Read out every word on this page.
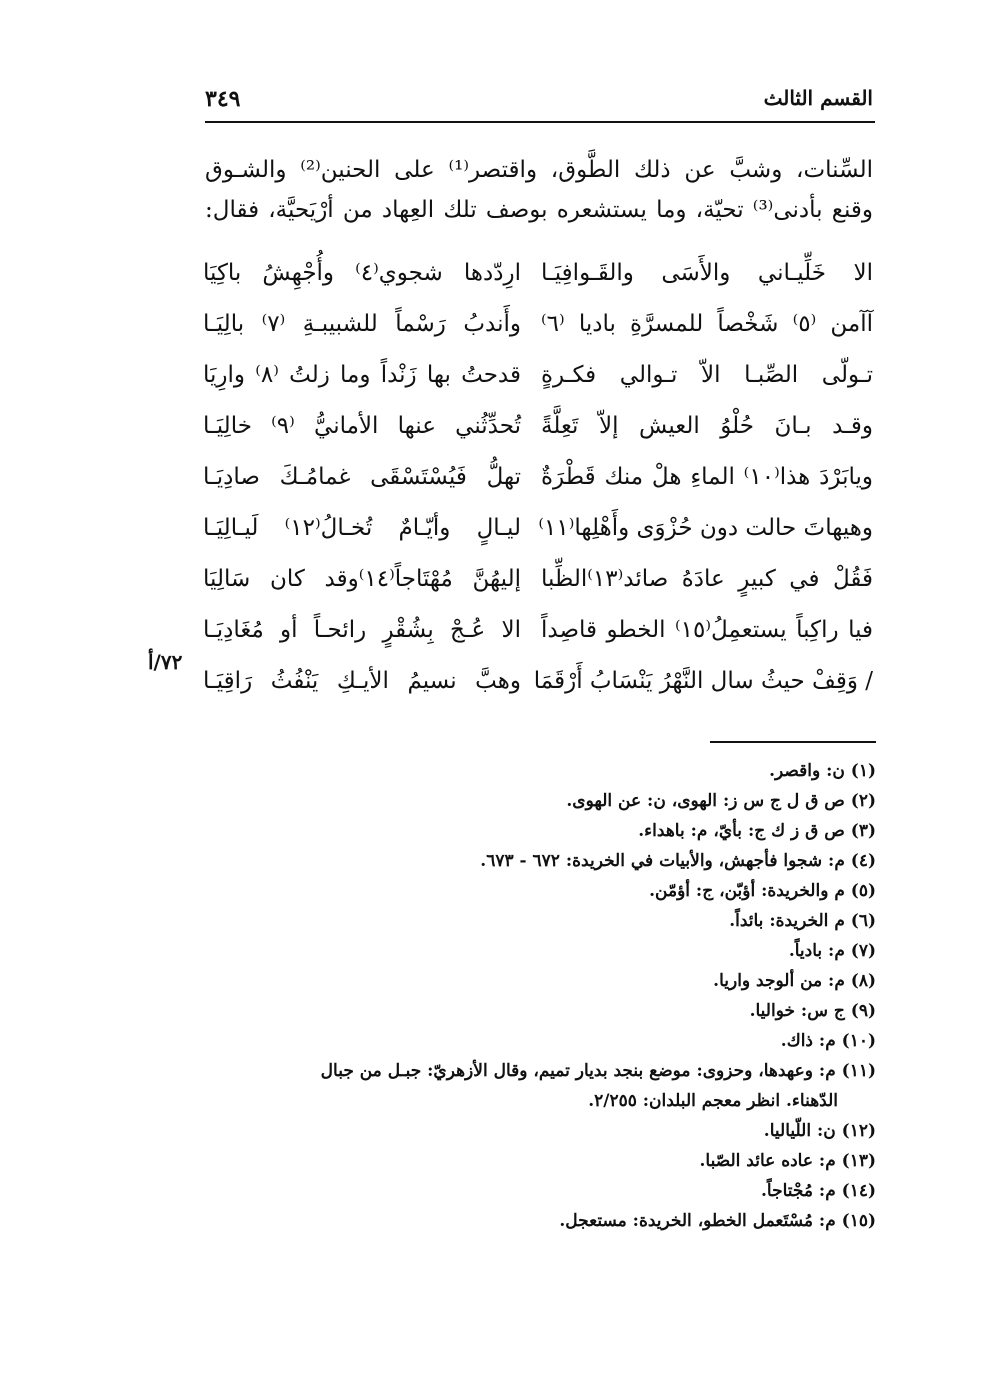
القسم الثالث
٣٤٩
السِّنات، وشبَّ عن ذلك الطَّوق، واقتصر⁽¹⁾ على الحنين⁽²⁾ والشـوق
وقنع بأدنى⁽³⁾ تحيّة، وما يستشعره بوصف تلك العِهاد من أرْيَحيَّة، فقال:
الا خَلِّيـاني والأَسَى والقَـوافِيَـا
ارِدّدها شجوي⁽٤⁾ وأُجْهِشُ باكِيَا
آآمن ⁽٥⁾ شَخْصاً للمسرَّةِ باديا ⁽٦⁾
وأَندبُ رَسْماً للشبيبـةِ ⁽٧⁾ بالِيَـا
تـولّى الصِّبـا الاّ تـوالي فكـرةٍ
قدحتُ بها زَنْداً وما زلتُ ⁽٨⁾ وارِيَا
وقـد بـانَ حُلْوُ العيش إلاّ تَعِلَّةً
تُحدِّثُني عنها الأمانيُّ ⁽٩⁾ خالِيَـا
ويابَرْدَ هذا⁽١٠⁾ الماءِ هلْ منك قَطْرَةٌ
تهلُّ فَيُسْتَسْقَى غمامُـكَ صادِيَـا
وهيهاتَ حالت دون حُزْوَى وأَهْلِها⁽١١⁾
ليـالٍ وأيّـامٌ تُخـالُ⁽١٢⁾ لَيـالِيَـا
فَقُلْ في كبيرٍ عادَهُ صائد⁽١٣⁾الظِّبا
إليهُنَّ مُهْتَاجاً⁽١٤⁾وقد كان سَالِيَا
فيا راكِباً يستعمِلُ⁽١٥⁾ الخطو قاصِداً
الا عُـجْ بِشُقْرٍ رائحـاً أو مُغَادِيَـا
/ وَقِفْ حيثُ سال النَّهْرُ يَنْسَابُ أَرْقَمَا
وهبَّ نسيمُ الأيـكِ يَنْفُثُ رَاقِيَـا
٧٢/أ
(١) ن: واقصر.
(٢) ص ق ل ج س ز: الهوى، ن: عن الهوى.
(٣) ص ق ز ك ج: بأيّ، م: باهداء.
(٤) م: شجوا فأجهش، والأبيات في الخريدة: ٦٧٢ - ٦٧٣.
(٥) م والخريدة: أؤبّن، ج: أؤمّن.
(٦) م الخريدة: بائداً.
(٧) م: بادياً.
(٨) م: من ألوجد واريا.
(٩) ج س: خواليا.
(١٠) م: ذاك.
(١١) م: وعهدها، وحزوى: موضع بنجد بديار تميم، وقال الأزهريّ: جبـل من جبال
الدّهناء. انظر معجم البلدان: ٢/٢٥٥.
(١٢) ن: اللّياليا.
(١٣) م: عاده عائد الصّبا.
(١٤) م: مُجْتاجاً.
(١٥) م: مُسْتَعمل الخطو، الخريدة: مستعجل.
